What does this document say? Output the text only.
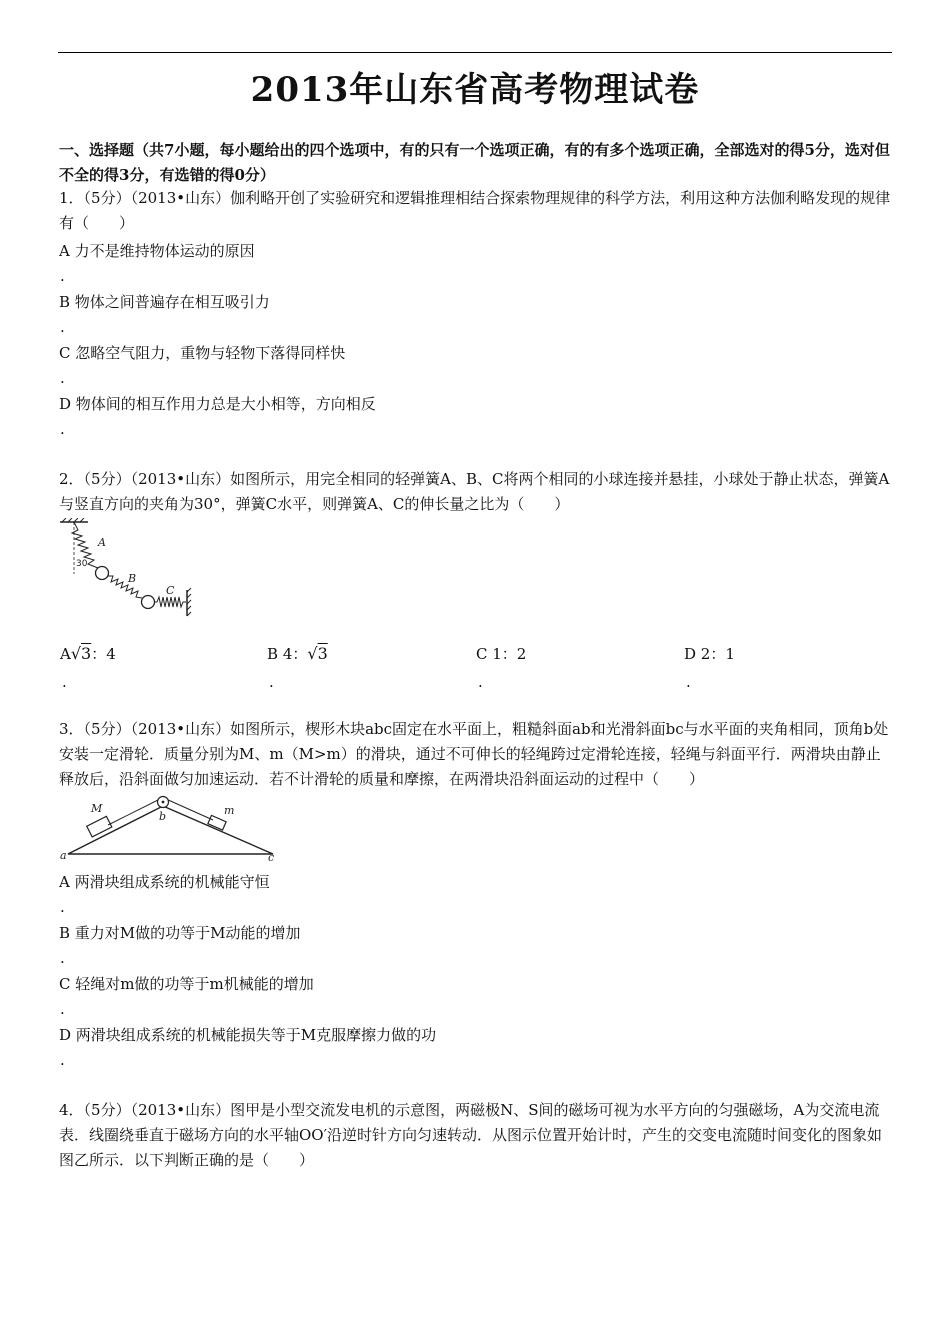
2013年山东省高考物理试卷
一、选择题（共7小题，每小题给出的四个选项中，有的只有一个选项正确，有的有多个选项正确，全部选对的得5分，选对但不全的得3分，有选错的得0分）
1．（5分）（2013•山东）伽利略开创了实验研究和逻辑推理相结合探索物理规律的科学方法，利用这种方法伽利略发现的规律有（　　）
A 力不是维持物体运动的原因
.
B 物体之间普遍存在相互吸引力
.
C 忽略空气阻力，重物与轻物下落得同样快
.
D 物体间的相互作用力总是大小相等，方向相反
.
2．（5分）（2013•山东）如图所示，用完全相同的轻弹簧A、B、C将两个相同的小球连接并悬挂，小球处于静止状态，弹簧A与竖直方向的夹角为30°，弹簧C水平，则弹簧A、C的伸长量之比为（　　）
30
A
B
C
A√3：4
.
B 4：√3
.
C 1：2
.
D 2：1
.
3．（5分）（2013•山东）如图所示，楔形木块abc固定在水平面上，粗糙斜面ab和光滑斜面bc与水平面的夹角相同，顶角b处安装一定滑轮．质量分别为M、m（M>m）的滑块，通过不可伸长的轻绳跨过定滑轮连接，轻绳与斜面平行．两滑块由静止释放后，沿斜面做匀加速运动．若不计滑轮的质量和摩擦，在两滑块沿斜面运动的过程中（　　）
M	m
b
a	c
A 两滑块组成系统的机械能守恒
.
B 重力对M做的功等于M动能的增加
.
C 轻绳对m做的功等于m机械能的增加
.
D 两滑块组成系统的机械能损失等于M克服摩擦力做的功
.
4．（5分）（2013•山东）图甲是小型交流发电机的示意图，两磁极N、S间的磁场可视为水平方向的匀强磁场，A为交流电流表．线圈绕垂直于磁场方向的水平轴OO′沿逆时针方向匀速转动．从图示位置开始计时，产生的交变电流随时间变化的图象如图乙所示．以下判断正确的是（　　）
